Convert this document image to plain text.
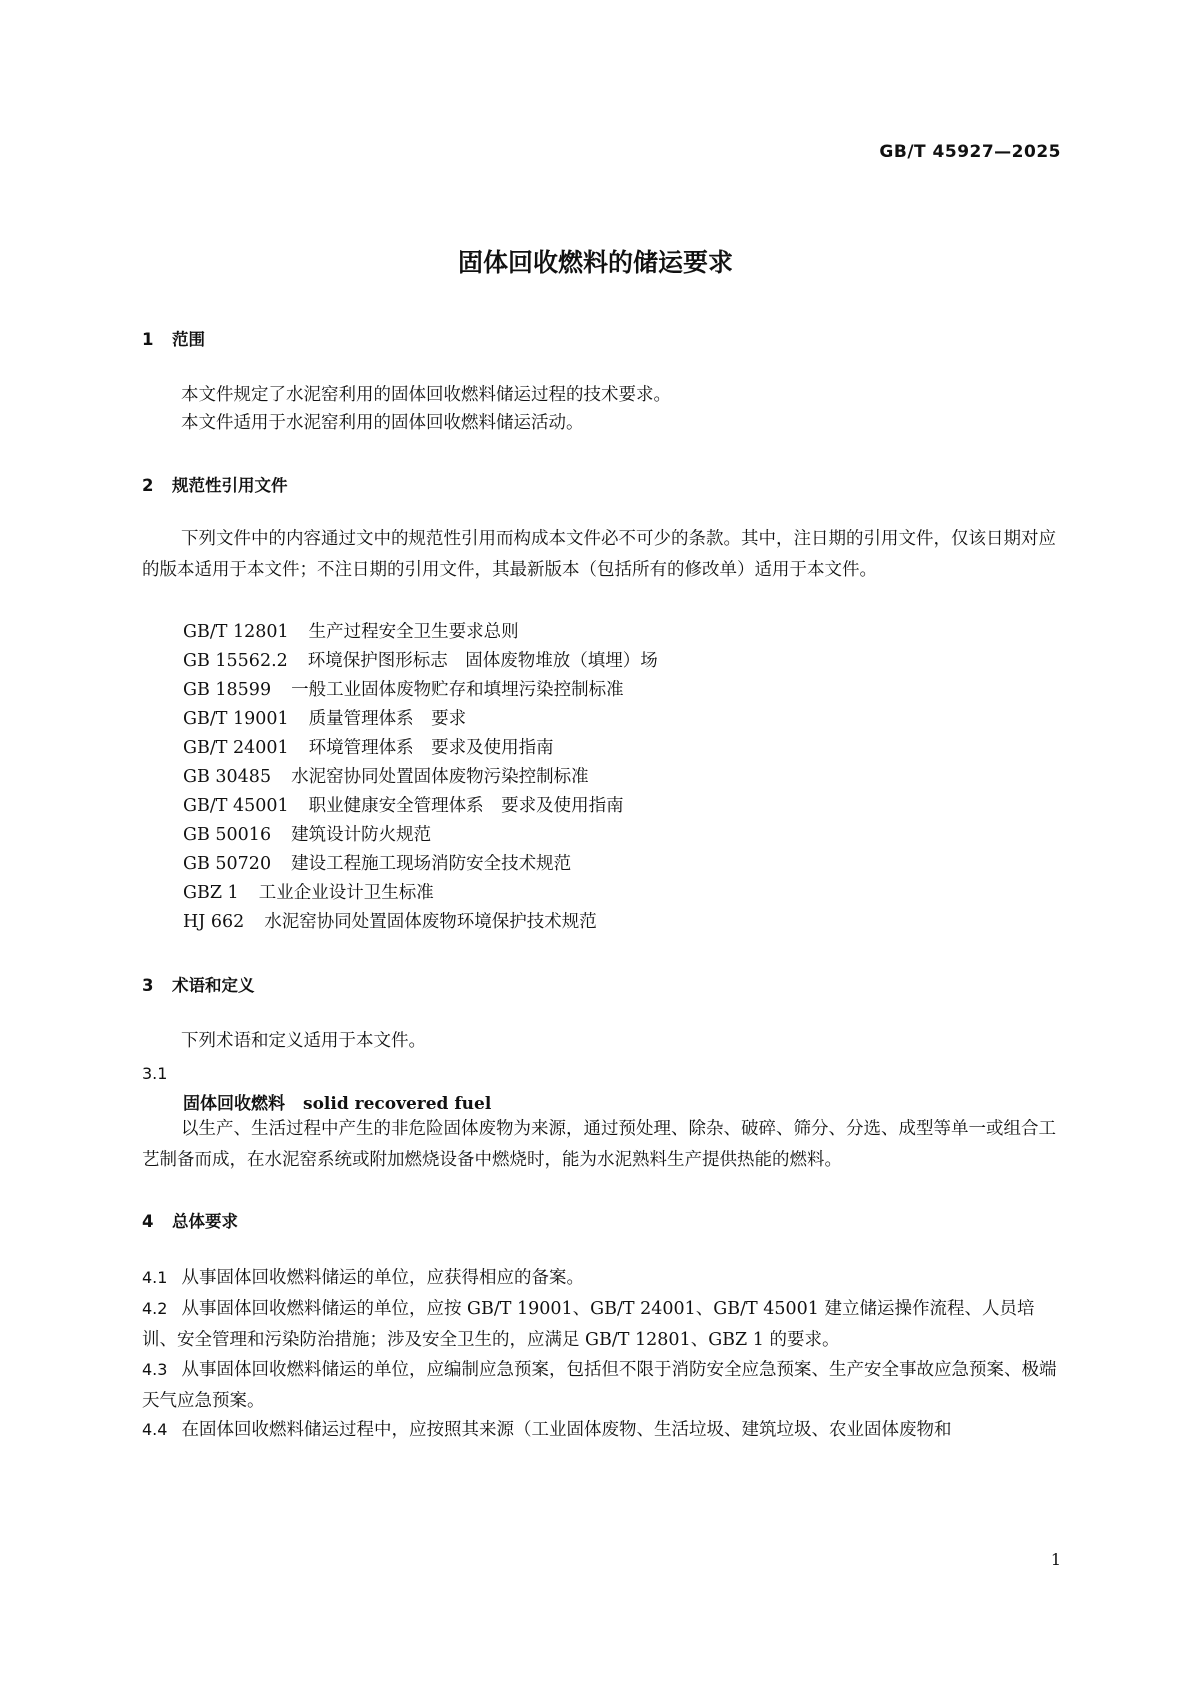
GB/T 45927—2025
固体回收燃料的储运要求
1 范围
本文件规定了水泥窑利用的固体回收燃料储运过程的技术要求。
本文件适用于水泥窑利用的固体回收燃料储运活动。
2 规范性引用文件
下列文件中的内容通过文中的规范性引用而构成本文件必不可少的条款。其中，注日期的引用文件，仅该日期对应的版本适用于本文件；不注日期的引用文件，其最新版本（包括所有的修改单）适用于本文件。
GB/T 12801 生产过程安全卫生要求总则
GB 15562.2 环境保护图形标志　固体废物堆放（填埋）场
GB 18599 一般工业固体废物贮存和填埋污染控制标准
GB/T 19001 质量管理体系　要求
GB/T 24001 环境管理体系　要求及使用指南
GB 30485 水泥窑协同处置固体废物污染控制标准
GB/T 45001 职业健康安全管理体系　要求及使用指南
GB 50016 建筑设计防火规范
GB 50720 建设工程施工现场消防安全技术规范
GBZ 1 工业企业设计卫生标准
HJ 662 水泥窑协同处置固体废物环境保护技术规范
3 术语和定义
下列术语和定义适用于本文件。
3.1
固体回收燃料 solid recovered fuel
以生产、生活过程中产生的非危险固体废物为来源，通过预处理、除杂、破碎、筛分、分选、成型等单一或组合工艺制备而成，在水泥窑系统或附加燃烧设备中燃烧时，能为水泥熟料生产提供热能的燃料。
4 总体要求
4.1 从事固体回收燃料储运的单位，应获得相应的备案。
4.2 从事固体回收燃料储运的单位，应按 GB/T 19001、GB/T 24001、GB/T 45001 建立储运操作流程、人员培训、安全管理和污染防治措施；涉及安全卫生的，应满足 GB/T 12801、GBZ 1 的要求。
4.3 从事固体回收燃料储运的单位，应编制应急预案，包括但不限于消防安全应急预案、生产安全事故应急预案、极端天气应急预案。
4.4 在固体回收燃料储运过程中，应按照其来源（工业固体废物、生活垃圾、建筑垃圾、农业固体废物和
1
